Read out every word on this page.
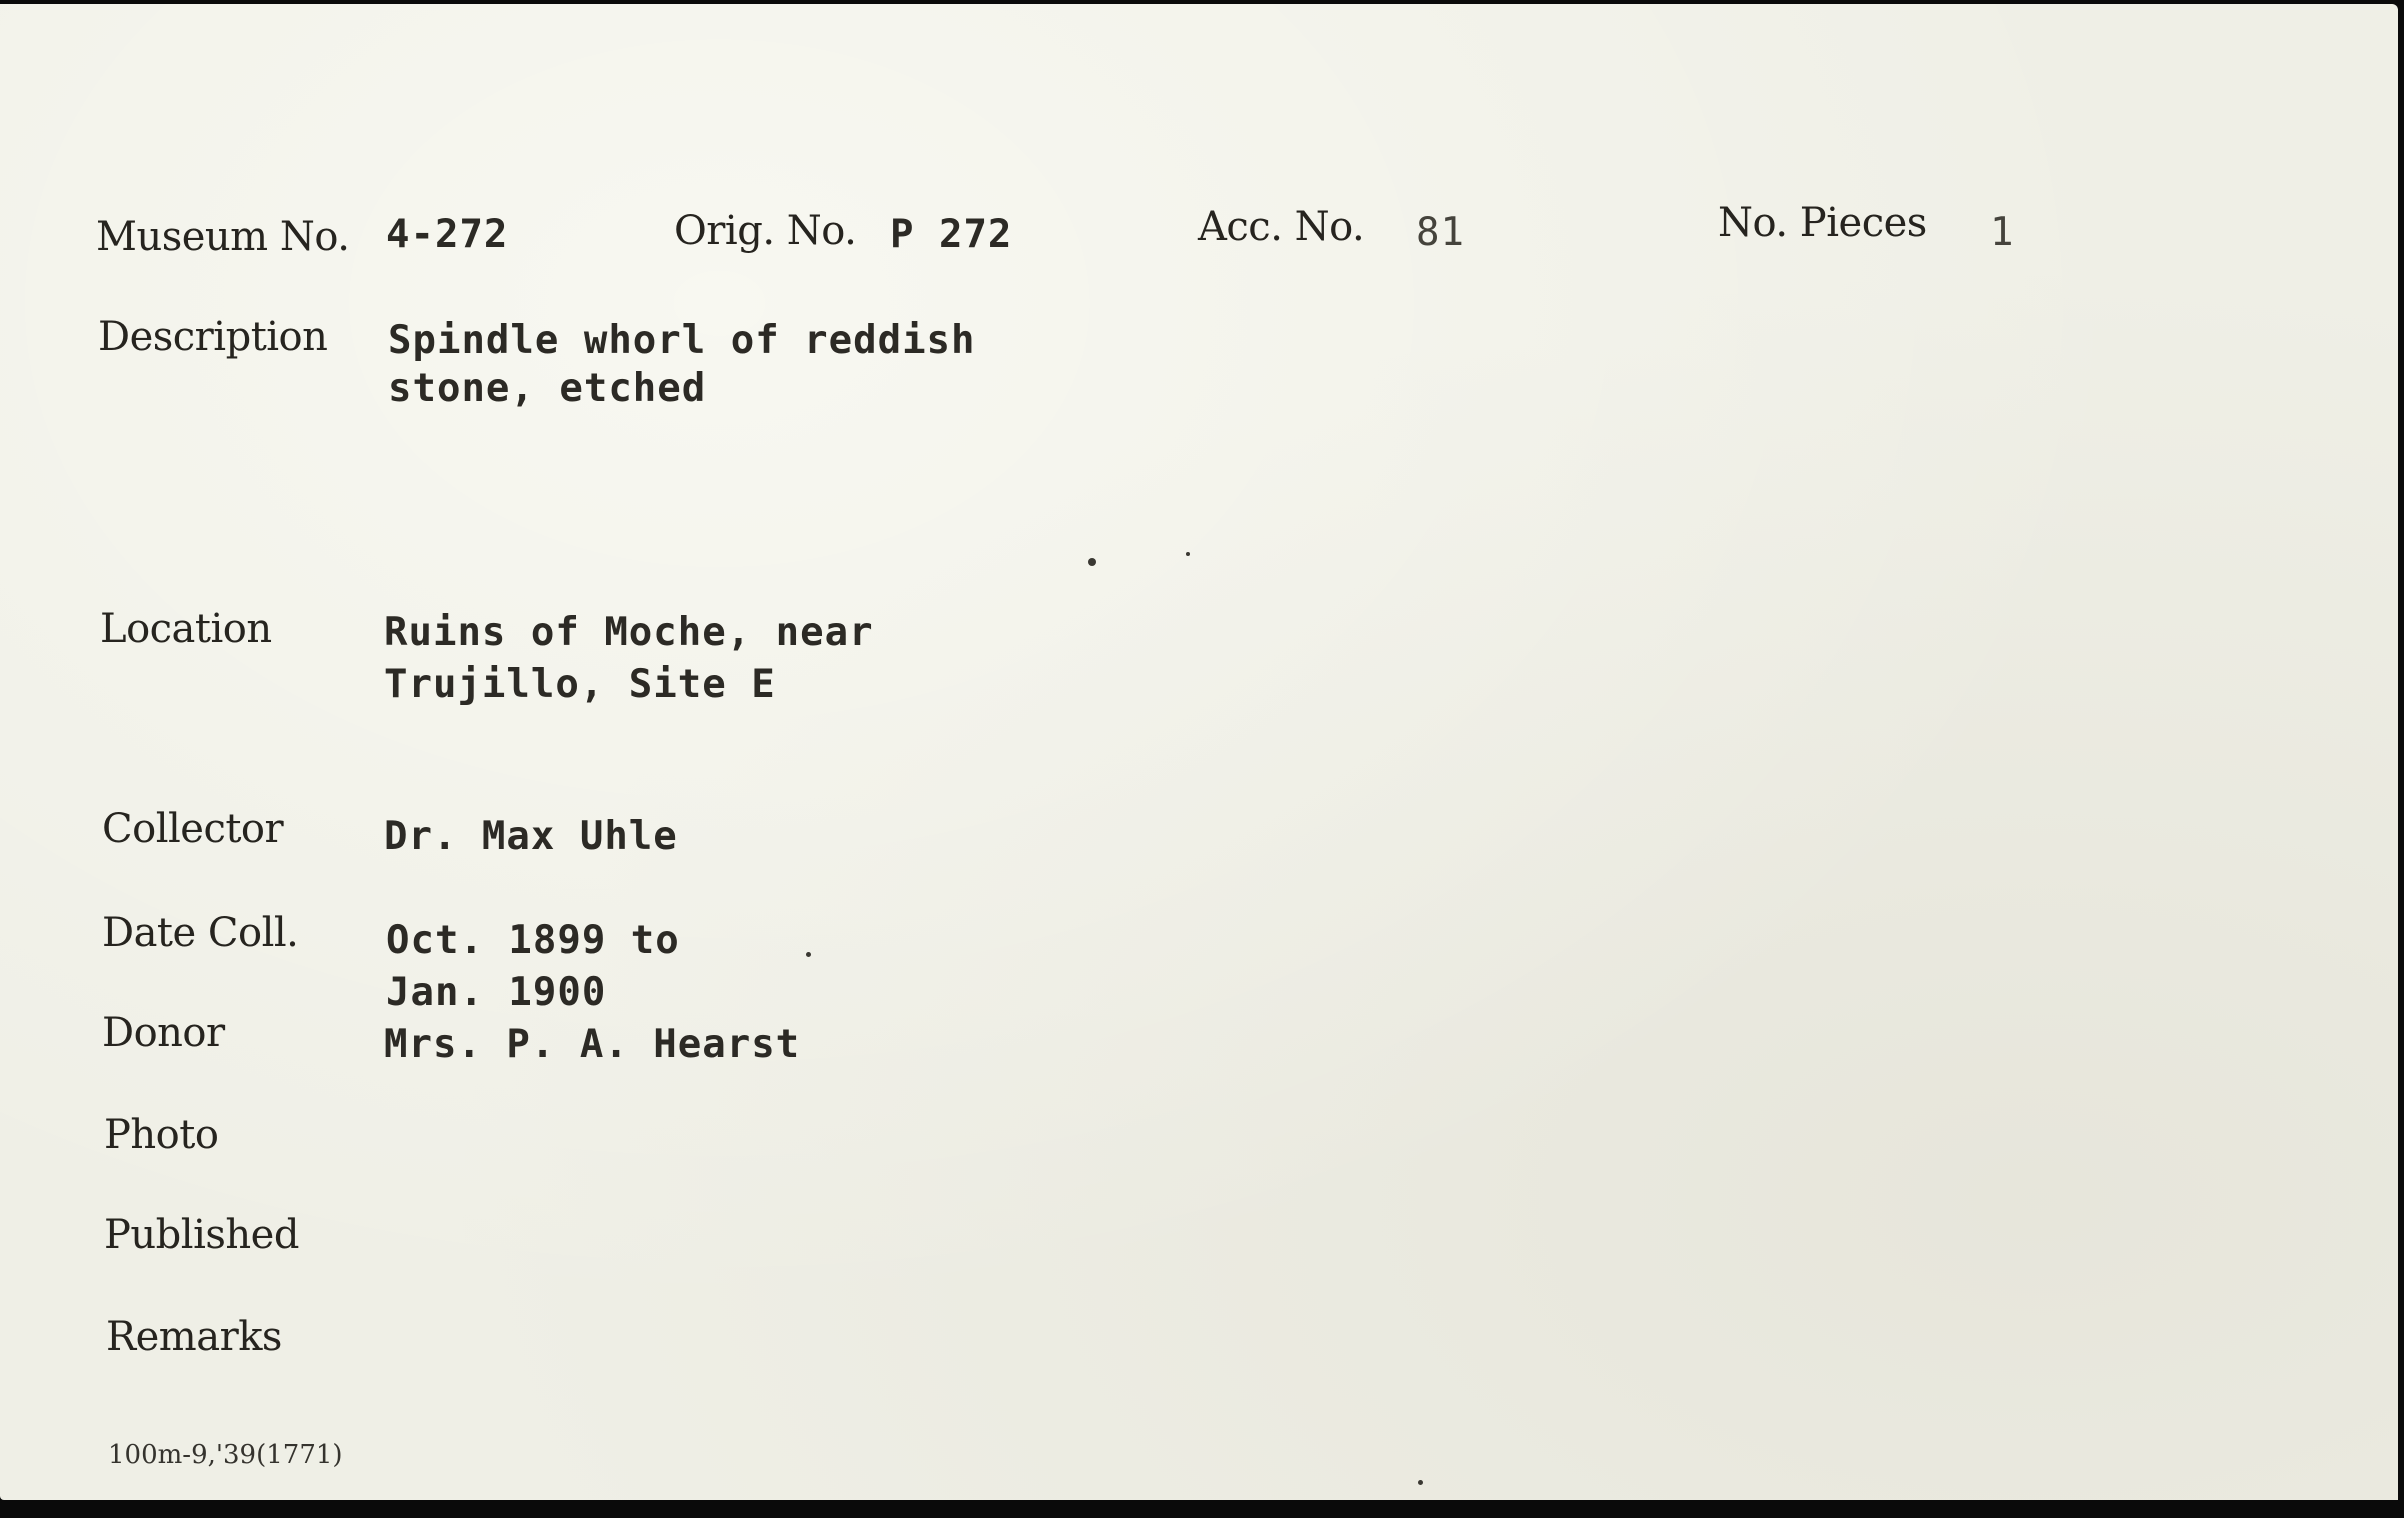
Museum No. 4-272	Orig. No. P 272	Acc. No. 81	No. Pieces 1
Description Spindle whorl of reddish
stone, etched
Location	Ruins of Moche, near
Trujillo, Site E
Collector	Dr. Max Uhle
Date Coll. Oct. 1899 to
Jan. 1900
Donor	Mrs. P. A. Hearst
Photo
Published
Remarks
100m-9,'39(1771)
